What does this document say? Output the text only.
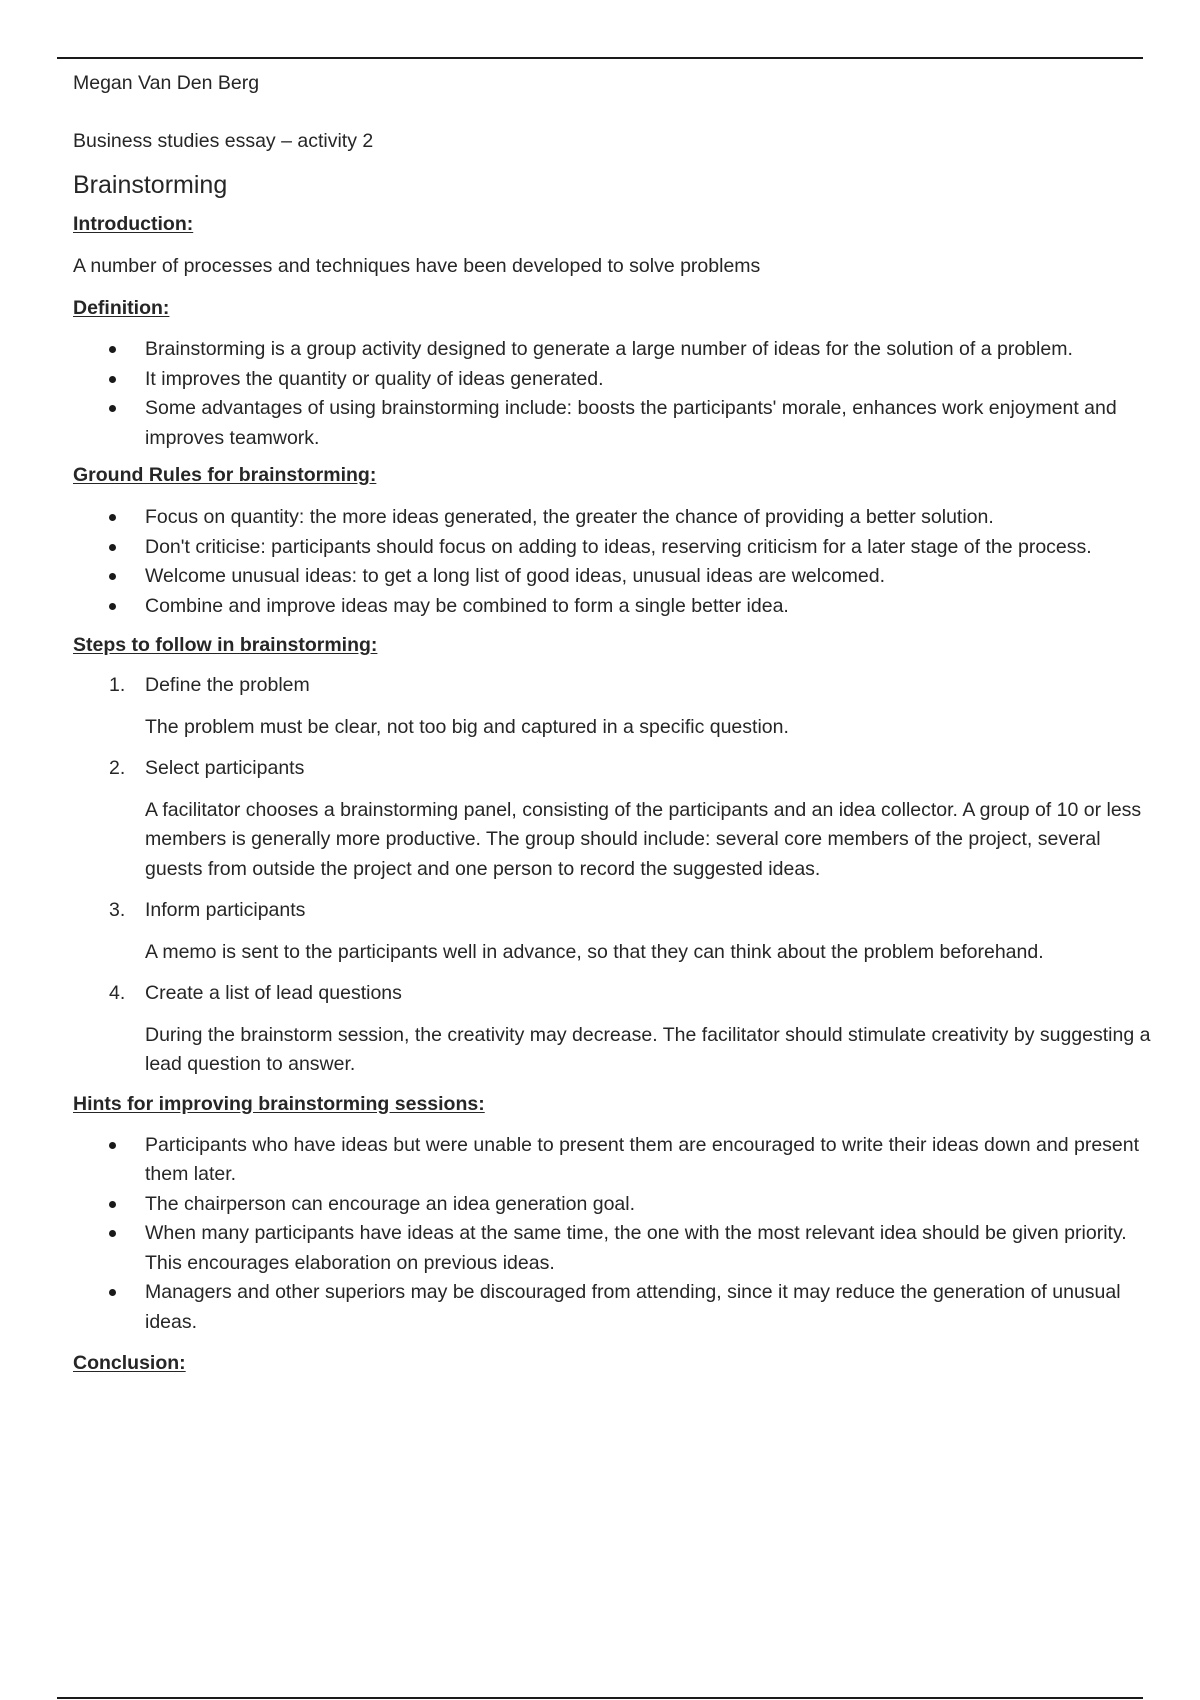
Megan Van Den Berg
Business studies essay – activity 2
Brainstorming
Introduction:
A number of processes and techniques have been developed to solve problems
Definition:
Brainstorming is a group activity designed to generate a large number of ideas for the solution of a problem.
It improves the quantity or quality of ideas generated.
Some advantages of using brainstorming include: boosts the participants' morale, enhances work enjoyment and improves teamwork.
Ground Rules for brainstorming:
Focus on quantity: the more ideas generated, the greater the chance of providing a better solution.
Don't criticise: participants should focus on adding to ideas, reserving criticism for a later stage of the process.
Welcome unusual ideas: to get a long list of good ideas, unusual ideas are welcomed.
Combine and improve ideas may be combined to form a single better idea.
Steps to follow in brainstorming:
1. Define the problem
The problem must be clear, not too big and captured in a specific question.
2. Select participants
A facilitator chooses a brainstorming panel, consisting of the participants and an idea collector. A group of 10 or less members is generally more productive. The group should include: several core members of the project, several guests from outside the project and one person to record the suggested ideas.
3. Inform participants
A memo is sent to the participants well in advance, so that they can think about the problem beforehand.
4. Create a list of lead questions
During the brainstorm session, the creativity may decrease. The facilitator should stimulate creativity by suggesting a lead question to answer.
Hints for improving brainstorming sessions:
Participants who have ideas but were unable to present them are encouraged to write their ideas down and present them later.
The chairperson can encourage an idea generation goal.
When many participants have ideas at the same time, the one with the most relevant idea should be given priority. This encourages elaboration on previous ideas.
Managers and other superiors may be discouraged from attending, since it may reduce the generation of unusual ideas.
Conclusion:
